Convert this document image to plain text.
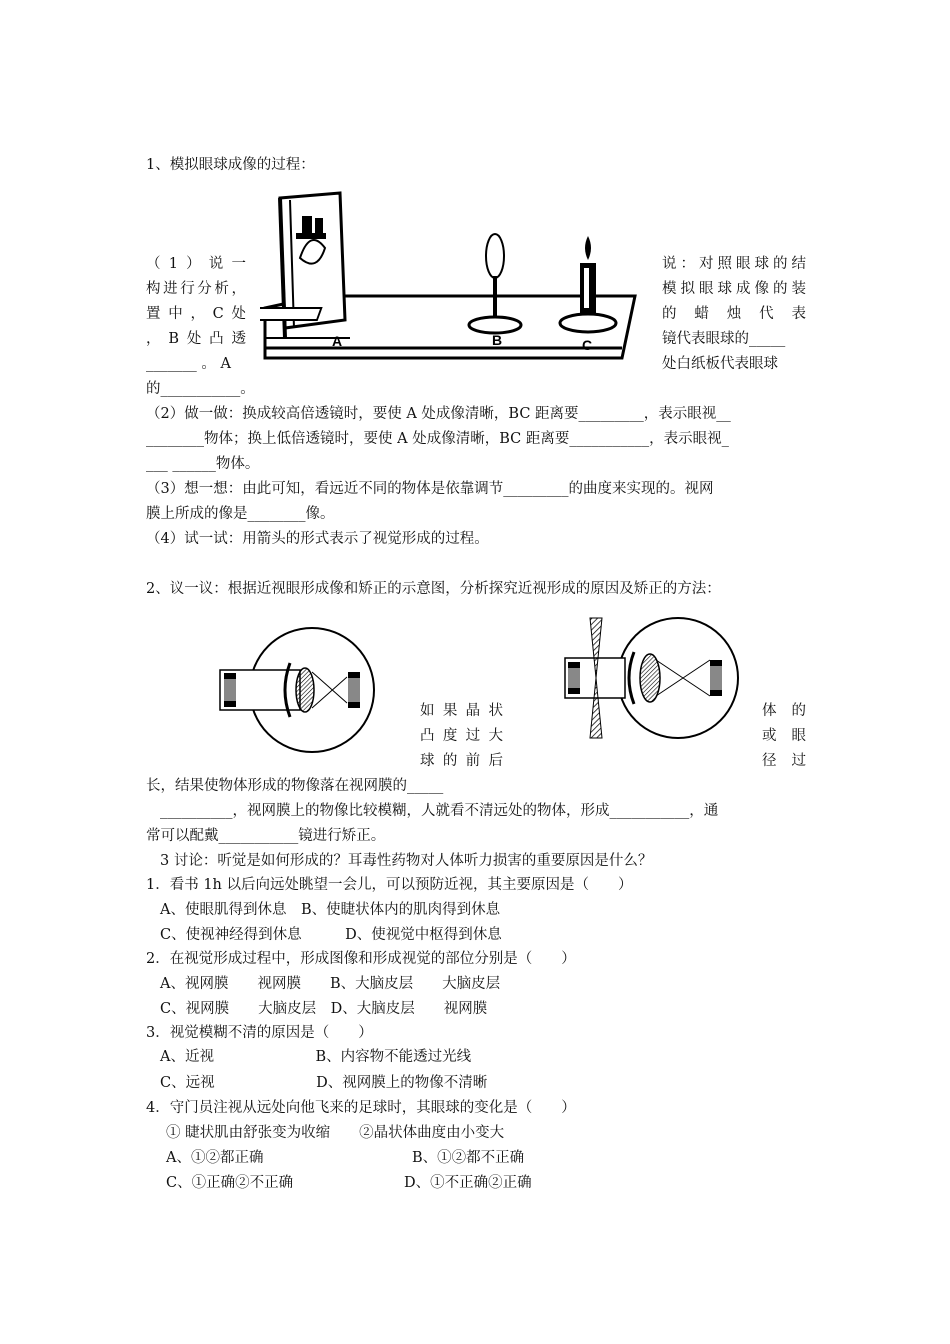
1、模拟眼球成像的过程：
A	B	C
（ 1 ） 说 一
构 进 行 分 析 ，
置 中 ， C 处
， B 处 凸 透
_______ 。 A
说 ： 对 照 眼 球 的 结
模 拟 眼 球 成 像 的 装
的 蜡 烛 代 表
镜代表眼球的_____
处白纸板代表眼球
的___________。
（2）做一做：换成较高倍透镜时，要使 A 处成像清晰，BC 距离要_________，表示眼视__
________物体；换上低倍透镜时，要使 A 处成像清晰，BC 距离要___________，表示眼视_
___ ______物体。
（3）想一想：由此可知，看远近不同的物体是依靠调节_________的曲度来实现的。视网
膜上所成的像是________像。
（4）试一试：用箭头的形式表示了视觉形成的过程。
2、议一议：根据近视眼形成像和矫正的示意图，分析探究近视形成的原因及矫正的方法：
如 果 晶 状
凸 度 过 大
球 的 前 后
体 的
或 眼
径 过
长，结果使物体形成的物像落在视网膜的_____
__________，视网膜上的物像比较模糊，人就看不清远处的物体，形成___________，通
常可以配戴___________镜进行矫正。
3 讨论：听觉是如何形成的？耳毒性药物对人体听力损害的重要原因是什么？
1．看书 1h 以后向远处眺望一会儿，可以预防近视，其主要原因是（　　）
A、使眼肌得到休息　B、使睫状体内的肌肉得到休息
C、使视神经得到休息　　　D、使视觉中枢得到休息
2．在视觉形成过程中，形成图像和形成视觉的部位分别是（　　）
A、视网膜　　视网膜　　B、大脑皮层　　大脑皮层
C、视网膜　　大脑皮层　D、大脑皮层　　视网膜
3．视觉模糊不清的原因是（　　）
A、近视　　　　　　　B、内容物不能透过光线
C、远视　　　　　　　D、视网膜上的物像不清晰
4．守门员注视从远处向他飞来的足球时，其眼球的变化是（　　）
① 睫状肌由舒张变为收缩　　②晶状体曲度由小变大
A、①②都正确	B、①②都不正确
C、①正确②不正确	D、①不正确②正确
